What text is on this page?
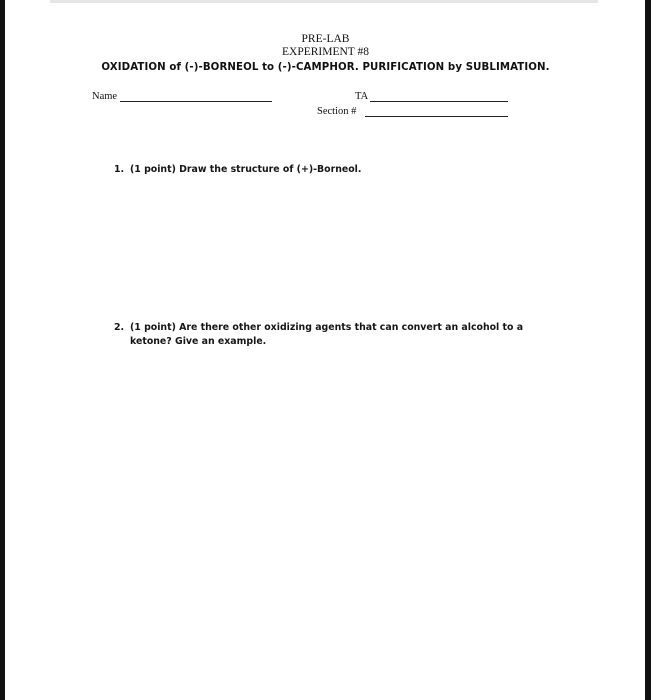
PRE-LAB
EXPERIMENT #8
OXIDATION of (-)-BORNEOL to (-)-CAMPHOR. PURIFICATION by SUBLIMATION.
Name	TA
Section #
1. (1 point) Draw the structure of (+)-Borneol.
2. (1 point) Are there other oxidizing agents that can convert an alcohol to a ketone? Give an example.
